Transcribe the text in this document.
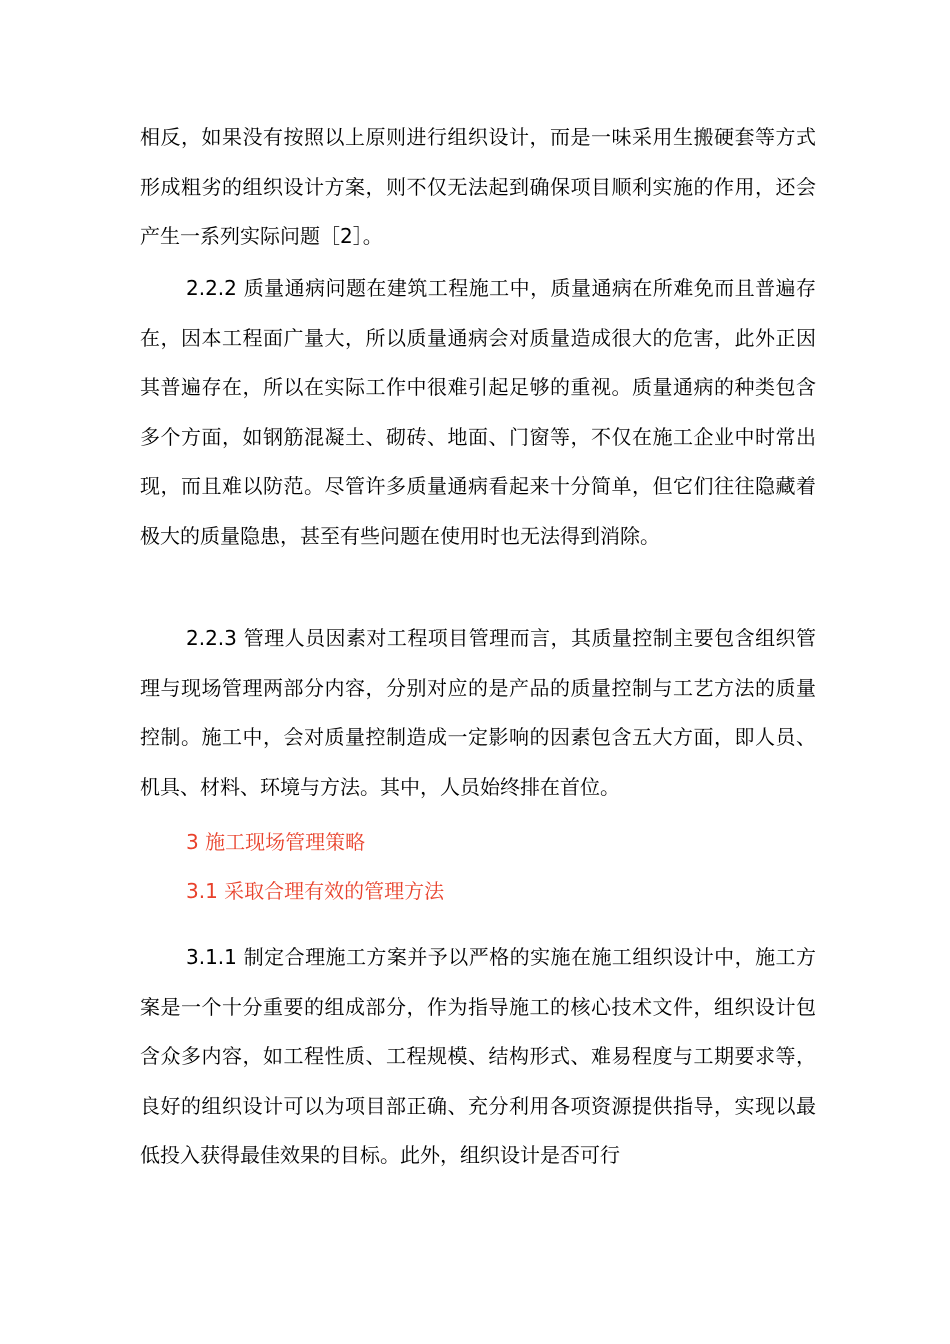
相反，如果没有按照以上原则进行组织设计，而是一味采用生搬硬套等方式形成粗劣的组织设计方案，则不仅无法起到确保项目顺利实施的作用，还会产生一系列实际问题［2］。

2.2.2 质量通病问题在建筑工程施工中，质量通病在所难免而且普遍存在，因本工程面广量大，所以质量通病会对质量造成很大的危害，此外正因其普遍存在，所以在实际工作中很难引起足够的重视。质量通病的种类包含多个方面，如钢筋混凝土、砌砖、地面、门窗等，不仅在施工企业中时常出现，而且难以防范。尽管许多质量通病看起来十分简单，但它们往往隐藏着极大的质量隐患，甚至有些问题在使用时也无法得到消除。

2.2.3 管理人员因素对工程项目管理而言，其质量控制主要包含组织管理与现场管理两部分内容，分别对应的是产品的质量控制与工艺方法的质量控制。施工中，会对质量控制造成一定影响的因素包含五大方面，即人员、机具、材料、环境与方法。其中，人员始终排在首位。

3 施工现场管理策略
3.1 采取合理有效的管理方法

3.1.1 制定合理施工方案并予以严格的实施在施工组织设计中，施工方案是一个十分重要的组成部分，作为指导施工的核心技术文件，组织设计包含众多内容，如工程性质、工程规模、结构形式、难易程度与工期要求等，良好的组织设计可以为项目部正确、充分利用各项资源提供指导，实现以最低投入获得最佳效果的目标。此外，组织设计是否可行
